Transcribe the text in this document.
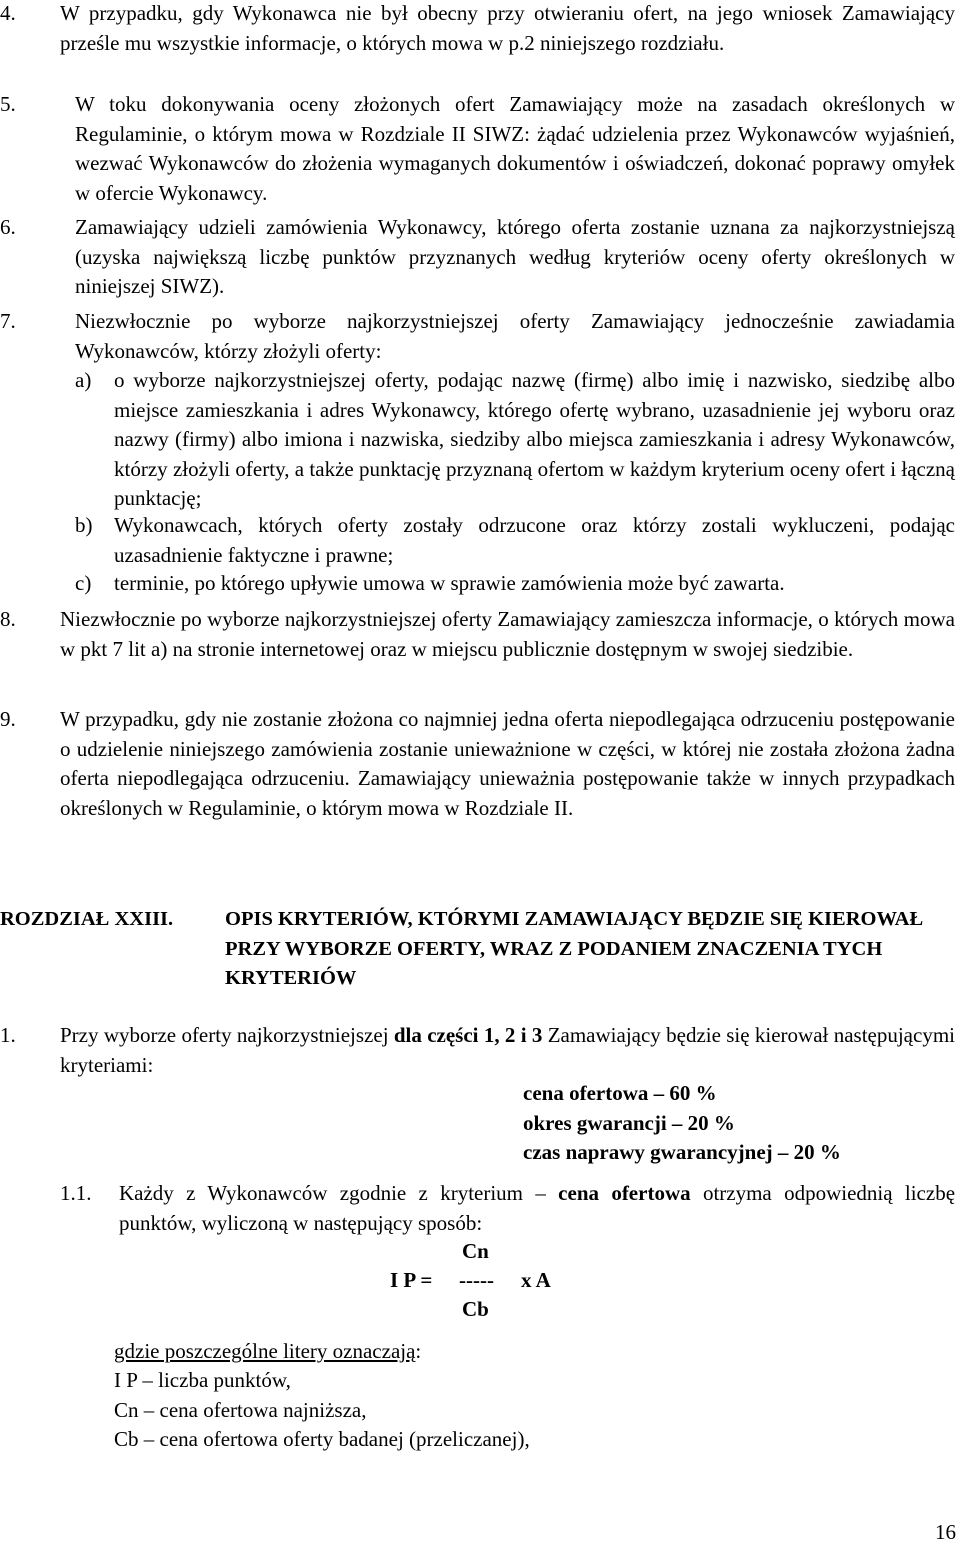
4. W przypadku, gdy Wykonawca nie był obecny przy otwieraniu ofert, na jego wniosek Zamawiający prześle mu wszystkie informacje, o których mowa w p.2 niniejszego rozdziału.
5.	W toku dokonywania oceny złożonych ofert Zamawiający może na zasadach określonych w Regulaminie, o którym mowa w Rozdziale II SIWZ: żądać udzielenia przez Wykonawców wyjaśnień, wezwać Wykonawców do złożenia wymaganych dokumentów i oświadczeń, dokonać poprawy omyłek w ofercie Wykonawcy.
6.	Zamawiający udzieli zamówienia Wykonawcy, którego oferta zostanie uznana za najkorzystniejszą (uzyska największą liczbę punktów przyznanych według kryteriów oceny oferty określonych w niniejszej SIWZ).
7.	Niezwłocznie po wyborze najkorzystniejszej oferty Zamawiający jednocześnie zawiadamia Wykonawców, którzy złożyli oferty:
a) o wyborze najkorzystniejszej oferty, podając nazwę (firmę) albo imię i nazwisko, siedzibę albo miejsce zamieszkania i adres Wykonawcy, którego ofertę wybrano, uzasadnienie jej wyboru oraz nazwy (firmy) albo imiona i nazwiska, siedziby albo miejsca zamieszkania i adresy Wykonawców, którzy złożyli oferty, a także punktację przyznaną ofertom w każdym kryterium oceny ofert i łączną punktację;
b) Wykonawcach, których oferty zostały odrzucone oraz którzy zostali wykluczeni, podając uzasadnienie faktyczne i prawne;
c) terminie, po którego upływie umowa w sprawie zamówienia może być zawarta.
8. Niezwłocznie po wyborze najkorzystniejszej oferty Zamawiający zamieszcza informacje, o których mowa w pkt 7 lit a) na stronie internetowej oraz w miejscu publicznie dostępnym w swojej siedzibie.
9. W przypadku, gdy nie zostanie złożona co najmniej jedna oferta niepodlegająca odrzuceniu postępowanie o udzielenie niniejszego zamówienia zostanie unieważnione w części, w której nie została złożona żadna oferta niepodlegająca odrzuceniu. Zamawiający unieważnia postępowanie także w innych przypadkach określonych w Regulaminie, o którym mowa w Rozdziale II.
ROZDZIAŁ XXIII.	OPIS KRYTERIÓW, KTÓRYMI ZAMAWIAJĄCY BĘDZIE SIĘ KIEROWAŁ PRZY WYBORZE OFERTY, WRAZ Z PODANIEM ZNACZENIA TYCH KRYTERIÓW
1. Przy wyborze oferty najkorzystniejszej dla części 1, 2 i 3 Zamawiający będzie się kierował następującymi kryteriami:
cena ofertowa – 60 %
okres gwarancji – 20 %
czas naprawy gwarancyjnej – 20 %
1.1. Każdy z Wykonawców zgodnie z kryterium – cena ofertowa otrzyma odpowiednią liczbę punktów, wyliczoną w następujący sposób:
Cn
I P = ----- x A
Cb
gdzie poszczególne litery oznaczają:
I P – liczba punktów,
Cn – cena ofertowa najniższa,
Cb – cena ofertowa oferty badanej (przeliczanej),
16
